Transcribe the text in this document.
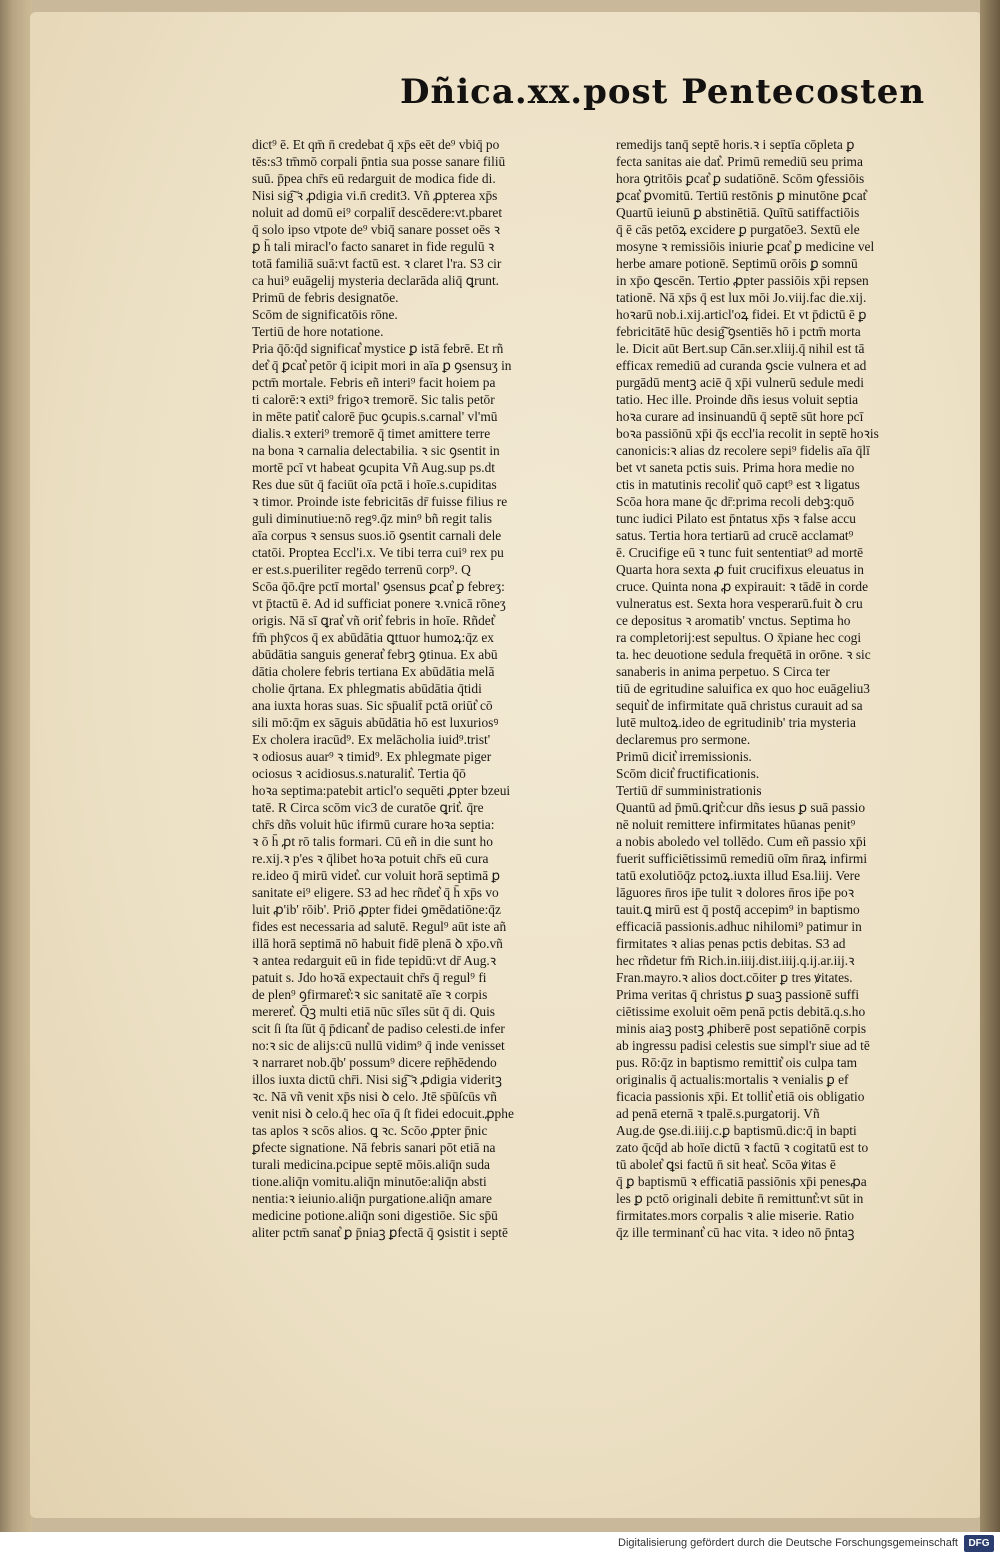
Dñica.xx.post Pentecosten
dict⁹ ē. Et qm̄ n̄ credebat q̄ xp̄s eēt de⁹ vbiq̄ po
tēs:s3 tm̄mō corpali p̄ntia sua posse sanare filiū
suū. p̄pea chr̄s eū redarguit de modica fide di.
Nisi sig͠ ꝛ ꝓdigia vi.n̄ credit3. Vñ ꝓpterea xp̄s
noluit ad domū ei⁹ corpalit̄ descēdere:vt.pbaret
q̄ solo ipso vtpote de⁹ vbiq̄ sanare posset oēs ꝛ
ꝑ h̄ tali miracl'o facto sanaret in fide regulū ꝛ
totā familiā suā:vt factū est. ꝛ claret l'ra. S3 cir
ca hui⁹ euāgelij mysteria declarāda aliq̄ ꝗrunt.
Primū de febris designatōe.
Scōm de significatōis rōne.
Tertiū de hore notatione.
Pria q̄ō:q̄d significat͛ mystice ꝑ istā febrē. Et rñ
det͛ q̄ ꝑcat͛ petōr q̄ icipit mori in aīa ꝑ ꝯsensuʒ in
pctm̄ mortale. Febris eñ interi⁹ facit hoiem pa
ti calorē:ꝛ exti⁹ frigoꝛ tremorē. Sic talis petōr
in mēte patit͛ calorē p̄uc ꝯcupis.s.carnal' vl'mū
dialis.ꝛ exteri⁹ tremorē q̄ timet amittere terre
na bona ꝛ carnalia delectabilia. ꝛ sic ꝯsentit in
mortē pcī vt habeat ꝯcupita Vñ Aug.sup ps.dt
Res due sūt q̄ faciūt oīa pctā i hoīe.s.cupiditas
ꝛ timor. Proinde iste febricitās dr̄ fuisse filius re
guli diminutiue:nō regꝰ.q̄z min⁹ bñ regit talis
aīa corpus ꝛ sensus suos.iō ꝯsentit carnali dele
ctatōi. Proptea Eccl'i.x. Ve tibi terra cui⁹ rex pu
er est.s.pueriliter regēdo terrenū corp⁹. Q
Scōa q̄ō.q̄re pctī mortal' ꝯsensus ꝑcat͛ ꝑ febreʒ:
vt p̄tactū ē. Ad id sufficiat ponere ꝛ.vnicā rōneʒ
origis. Nā sī ꝗrat͛ vñ orit͛ febris in hoīe. Rñdet͛
fm̄ phȳcos q̄ ex abūdātia ꝗttuor humoꝝ:q̄z ex
abūdātia sanguis generat͛ febrꝫ ꝯtinua. Ex abū
dātia cholere febris tertiana Ex abūdātia melā
cholie q̄rtana. Ex phlegmatis abūdātia q̄tidi
ana iuxta horas suas. Sic sp̄ualit̄ pctā oriūt͛ cō
sili mō:q̄m ex sāguis abūdātia hō est luxuriosꝰ
Ex cholera iracūd⁹. Ex melācholia iuid⁹.trist'
ꝛ odiosus auar⁹ ꝛ timid⁹. Ex phlegmate piger
ociosus ꝛ acidiosus.s.naturalit͛. Tertia q̄ō
hoꝛa septima:patebit articl'o sequēti ꝓpter bzeui
tatē. R Circa scōm vic3 de curatōe ꝗrit͛. q̄re
chr̄s dñs voluit hūc ifirmū curare hoꝛa septia:
ꝛ ō h̄ ꝓt rō talis formari. Cū eñ in die sunt ho
re.xij.ꝛ p'es ꝛ q̄libet hoꝛa potuit chr̄s eū cura
re.ideo q̄ mirū videt͛. cur voluit horā septimā ꝑ
sanitate ei⁹ eligere. S3 ad hec rñdet͛ q̄ h̄ xp̄s vo
luit ꝓ'ib' rōib'. Priō ꝓpter fidei ꝯmēdatiōne:q̄z
fides est necessaria ad salutē. Regul⁹ aūt iste añ
illā horā septimā nō habuit fidē plenā ꝺ xp̄o.vñ
ꝛ antea redarguit eū in fide tepidū:vt dr̄ Aug.ꝛ
patuit s. Jdo hoꝛā expectauit chr̄s q̄ regul⁹ fi
de plen⁹ ꝯfirmaret͛:ꝛ sic sanitatē aīe ꝛ corpis
mereret͛. Q̄ꝫ multi etiā nūc sīles sūt q̄ di. Quis
scit ſi ſta ſūt q̄ p̄dicant͛ de padiso celesti.de infer
no:ꝛ sic de alijs:cū nullū vidim⁹ q̄ inde venisset
ꝛ narraret nob.q̄b' possum⁹ dicere rep̄hēdendo
illos iuxta dictū chr̄i. Nisi sig͠ ꝛ ꝓdigia videritꝫ
ꝛc. Nā vñ venit xp̄s nisi ꝺ celo. Jtē sp̄ūſcūs vñ
venit nisi ꝺ celo.q̄ hec oīa q̄ ſt fidei edocuit.ꝓphe
tas aplos ꝛ scōs alios. ꝗ ꝛc. Scōo ꝓpter p̄nic
ꝑfecte signatione. Nā febris sanari pōt etiā na
turali medicina.pcipue septē mōis.aliq̄n suda
tione.aliq̄n vomitu.aliq̄n minutōe:aliq̄n absti
nentia:ꝛ ieiunio.aliq̄n purgatione.aliq̄n amare
medicine potione.aliq̄n soni digestiōe. Sic sp̄ū
aliter pctm̄ sanat͛ ꝑ p̄niaꝫ ꝑfectā q̄ ꝯsistit i septē
remedijs tanq̄ septē horis.ꝛ i septīa cōpleta ꝑ
fecta sanitas aie dat͛. Primū remediū seu prima
hora ꝯtritōis ꝑcat͛ ꝑ sudatiōnē. Scōm ꝯfessiōis
ꝑcat͛ ꝑvomitū. Tertiū restōnis ꝑ minutōne ꝑcat͛
Quartū ieiunū ꝑ abstinētiā. Quītū satiffactiōis
q̄ ē cās petōꝝ excidere ꝑ purgatōe3. Sextū ele
mosyne ꝛ remissiōis iniurie ꝑcat͛ ꝑ medicine vel
herbe amare potionē. Septimū orōis ꝑ somnū
in xp̄o ꝗescēn. Tertio ꝓpter passiōis xp̄i repsen
tationē. Nā xp̄s q̄ est lux mōi Jo.viij.fac die.xij.
hoꝛarū nob.i.xij.articl'oꝝ fidei. Et vt p̄dictū ē ꝑ
febricitātē hūc desig͠ ꝯsentiēs hō i pctm̄ morta
le. Dicit aūt Bert.sup Cān.ser.xliij.q̄ nihil est tā
efficax remediū ad curanda ꝯscie vulnera et ad
purgādū mentꝫ aciē q̄ xp̄i vulnerū sedule medi
tatio. Hec ille. Proinde dñs iesus voluit septia
hoꝛa curare ad insinuandū q̄ septē sūt hore pcī
boꝛa passiōnū xp̄i q̄s eccl'ia recolit in septē hoꝛis
canonicis:ꝛ alias dz recolere sepi⁹ fidelis aīa q̄lī
bet vt saneta pctis suis. Prima hora medie no
ctis in matutinis recolit͛ quō capt⁹ est ꝛ ligatus
Scōa hora mane q̄c dr̄:prima recoli debꝫ:quō
tunc iudici Pilato est p̄ntatus xp̄s ꝛ false accu
satus. Tertia hora tertiarū ad crucē acclamat⁹
ē. Crucifige eū ꝛ tunc fuit sententiat⁹ ad mortē
Quarta hora sexta ꝓ fuit crucifixus eleuatus in
cruce. Quinta nona ꝓ expirauit: ꝛ tādē in corde
vulneratus est. Sexta hora vesperarū.fuit ꝺ cru
ce depositus ꝛ aromatib' vnctus. Septima ho
ra completorij:est sepultus. O x̄piane hec cogi
ta. hec deuotione sedula frequētā in orōne. ꝛ sic
sanaberis in anima perpetuo. S Circa ter
tiū de egritudine saluifica ex quo hoc euāgeliu3
sequit͛ de infirmitate quā christus curauit ad sa
lutē multoꝝ.ideo de egritudinib' tria mysteria
declaremus pro sermone.
Primū dicit͛ irremissionis.
Scōm dicit͛ fructificationis.
Tertiū dr̄ sumministrationis
Quantū ad p̄mū.ꝗrit͛:cur dñs iesus ꝑ suā passio
nē noluit remittere infirmitates hūanas penit⁹
a nobis aboledo vel tollēdo. Cum eñ passio xp̄i
fuerit sufficiētissimū remediū oīm n̄raꝝ infirmi
tatū exolutiōq̄z pctoꝝ.iuxta illud Esa.liij. Vere
lāguores n̄ros ip̄e tulit ꝛ dolores n̄ros ip̄e poꝛ
tauit.ꝗ mirū est q̄ postq̄ accepim⁹ in baptismo
efficaciā passionis.adhuc nihilomi⁹ patimur in
firmitates ꝛ alias penas pctis debitas. S3 ad
hec rñdetur fm̄ Rich.in.iiij.dist.iiij.q.ij.ar.iij.ꝛ
Fran.mayro.ꝛ alios doct.cōiter ꝑ tres ꝟitates.
Prima veritas q̄ christus ꝑ suaꝫ passionē suffi
ciētissime exoluit oēm penā pctis debitā.q.s.ho
minis aiaꝫ postꝫ ꝓhiberē post sepatiōnē corpis
ab ingressu padisi celestis sue simpl'r siue ad tē
pus. Rō:q̄z in baptismo remittit͛ ois culpa tam
originalis q̄ actualis:mortalis ꝛ venialis ꝑ ef
ficacia passionis xp̄i. Et tollit͛ etiā ois obligatio
ad penā eternā ꝛ tpalē.s.purgatorij. Vñ
Aug.de ꝯse.di.iiij.c.ꝑ baptismū.dic:q̄ in bapti
zato q̄cq̄d ab hoīe dictū ꝛ factū ꝛ cogitatū est to
tū abolet͛ ꝗsi factū n̄ sit heat͛. Scōa ꝟitas ē
q̄ ꝑ baptismū ꝛ efficatiā passiōnis xp̄i penesꝓa
les ꝑ pctō originali debite n̄ remittunt͛:vt sūt in
firmitates.mors corpalis ꝛ alie miserie. Ratio
q̄z ille terminant͛ cū hac vita. ꝛ ideo nō p̄ntaꝫ
Digitalisierung gefördert durch die Deutsche Forschungsgemeinschaft	DFG
